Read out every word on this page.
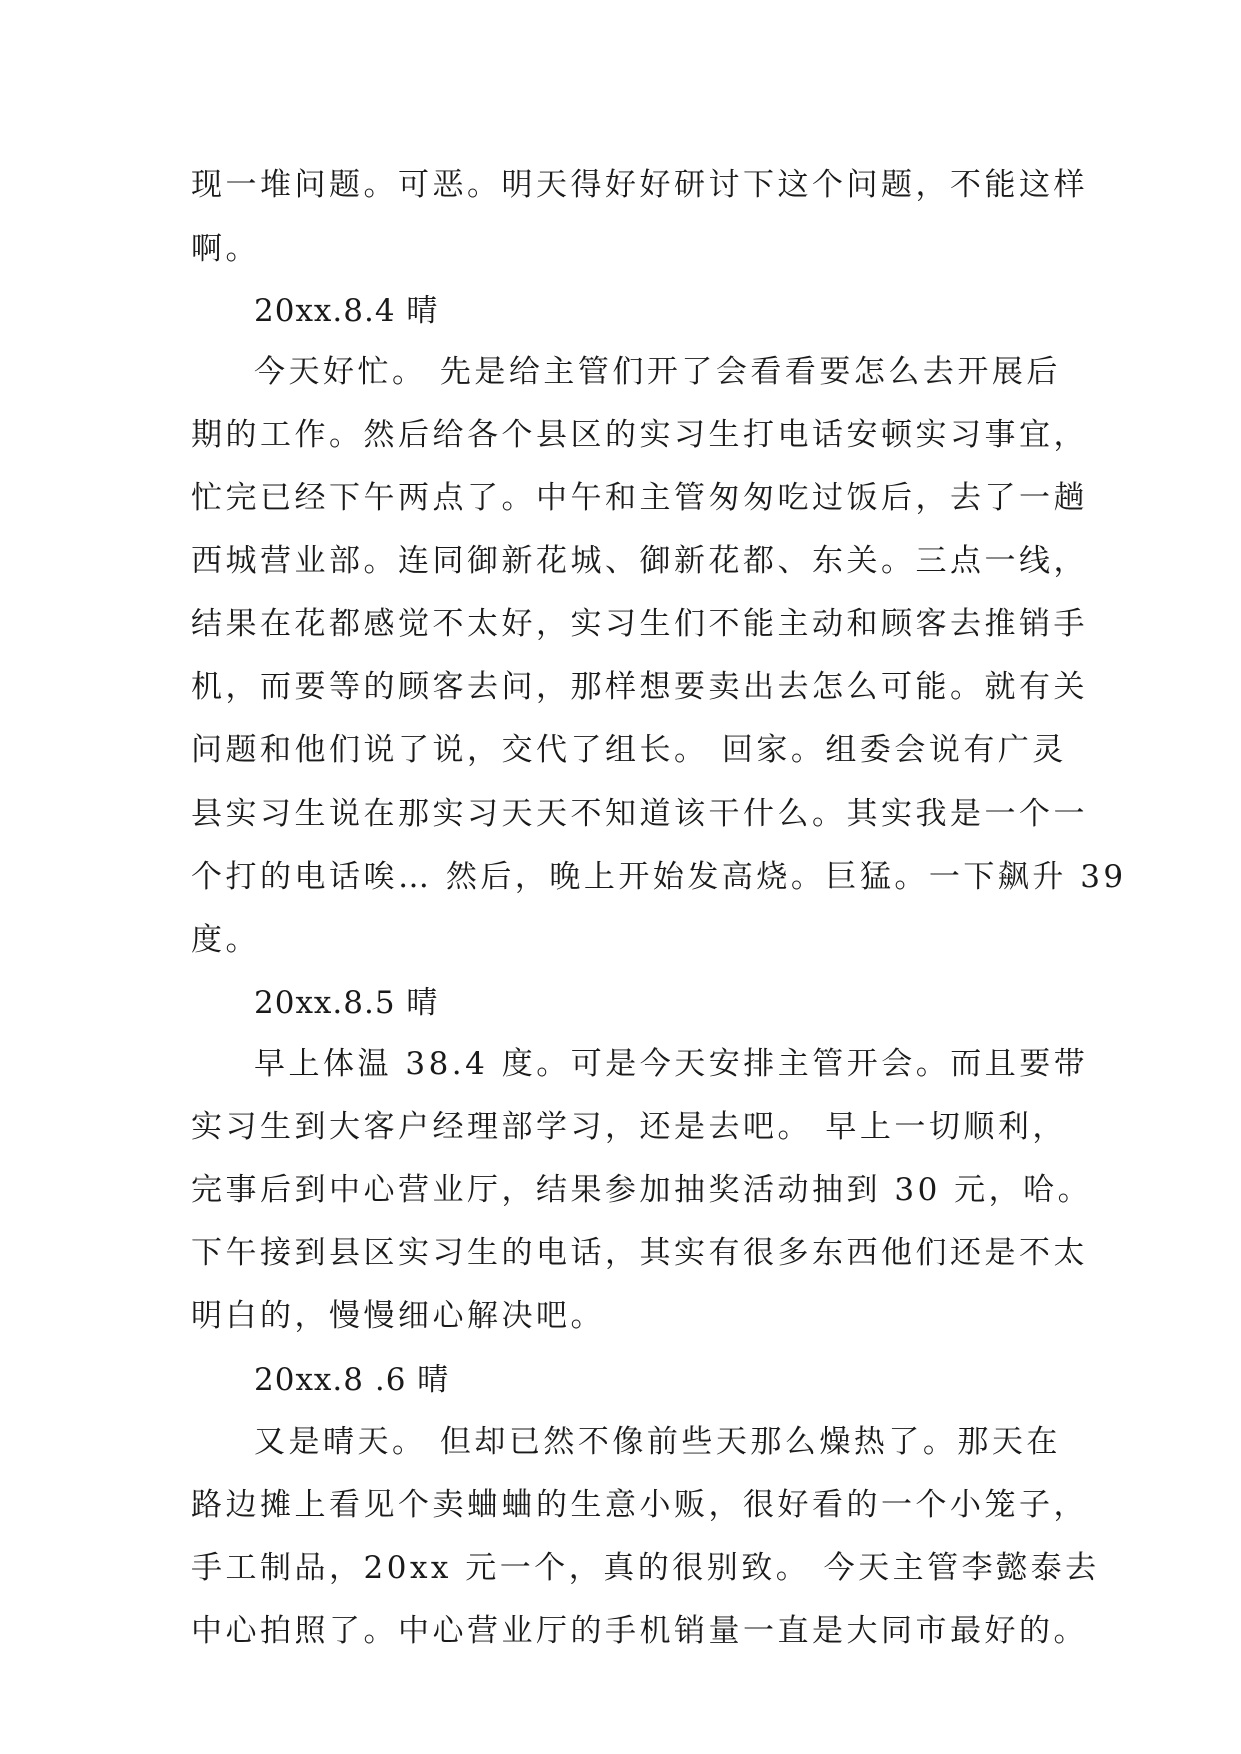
现一堆问题。可恶。明天得好好研讨下这个问题，不能这样
啊。
20xx.8.4 晴
今天好忙。 先是给主管们开了会看看要怎么去开展后
期的工作。然后给各个县区的实习生打电话安顿实习事宜，
忙完已经下午两点了。中午和主管匆匆吃过饭后，去了一趟
西城营业部。连同御新花城、御新花都、东关。三点一线，
结果在花都感觉不太好，实习生们不能主动和顾客去推销手
机，而要等的顾客去问，那样想要卖出去怎么可能。就有关
问题和他们说了说，交代了组长。 回家。组委会说有广灵
县实习生说在那实习天天不知道该干什么。其实我是一个一
个打的电话唉… 然后，晚上开始发高烧。巨猛。一下飙升 39
度。
20xx.8.5 晴
早上体温 38.4 度。可是今天安排主管开会。而且要带
实习生到大客户经理部学习，还是去吧。 早上一切顺利，
完事后到中心营业厅，结果参加抽奖活动抽到 30 元，哈。
下午接到县区实习生的电话，其实有很多东西他们还是不太
明白的，慢慢细心解决吧。
20xx.8 .6 晴
又是晴天。 但却已然不像前些天那么燥热了。那天在
路边摊上看见个卖蛐蛐的生意小贩，很好看的一个小笼子，
手工制品，20xx 元一个，真的很别致。 今天主管李懿泰去
中心拍照了。中心营业厅的手机销量一直是大同市最好的。
